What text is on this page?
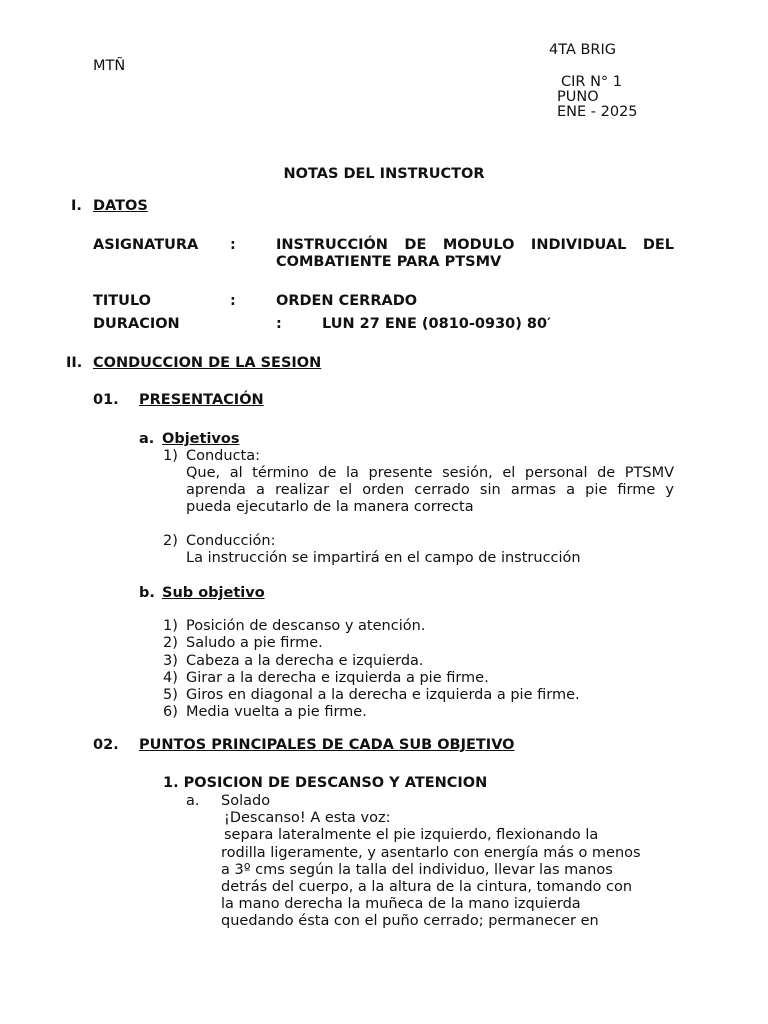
4TA BRIG
MTÑ
CIR N° 1
PUNO
ENE - 2025
NOTAS DEL INSTRUCTOR
I. DATOS
ASIGNATURA :	INSTRUCCIÓN DE MODULO INDIVIDUAL DEL
COMBATIENTE PARA PTSMV
TITULO	:	ORDEN CERRADO
DURACION	:	LUN 27 ENE (0810-0930) 80′
II. CONDUCCION DE LA SESION
01. PRESENTACIÓN
a. Objetivos
1) Conducta:
Que, al término de la presente sesión, el personal de PTSMV
aprenda a realizar el orden cerrado sin armas a pie firme y
pueda ejecutarlo de la manera correcta
2) Conducción:
La instrucción se impartirá en el campo de instrucción
b. Sub objetivo
1) Posición de descanso y atención.
2) Saludo a pie firme.
3) Cabeza a la derecha e izquierda.
4) Girar a la derecha e izquierda a pie firme.
5) Giros en diagonal a la derecha e izquierda a pie firme.
6) Media vuelta a pie firme.
02. PUNTOS PRINCIPALES DE CADA SUB OBJETIVO
1. POSICION DE DESCANSO Y ATENCION
a. Solado
¡Descanso! A esta voz:
separa lateralmente el pie izquierdo, flexionando la
rodilla ligeramente, y asentarlo con energía más o menos
a 3º cms según la talla del individuo, llevar las manos
detrás del cuerpo, a la altura de la cintura, tomando con
la mano derecha la muñeca de la mano izquierda
quedando ésta con el puño cerrado; permanecer en
